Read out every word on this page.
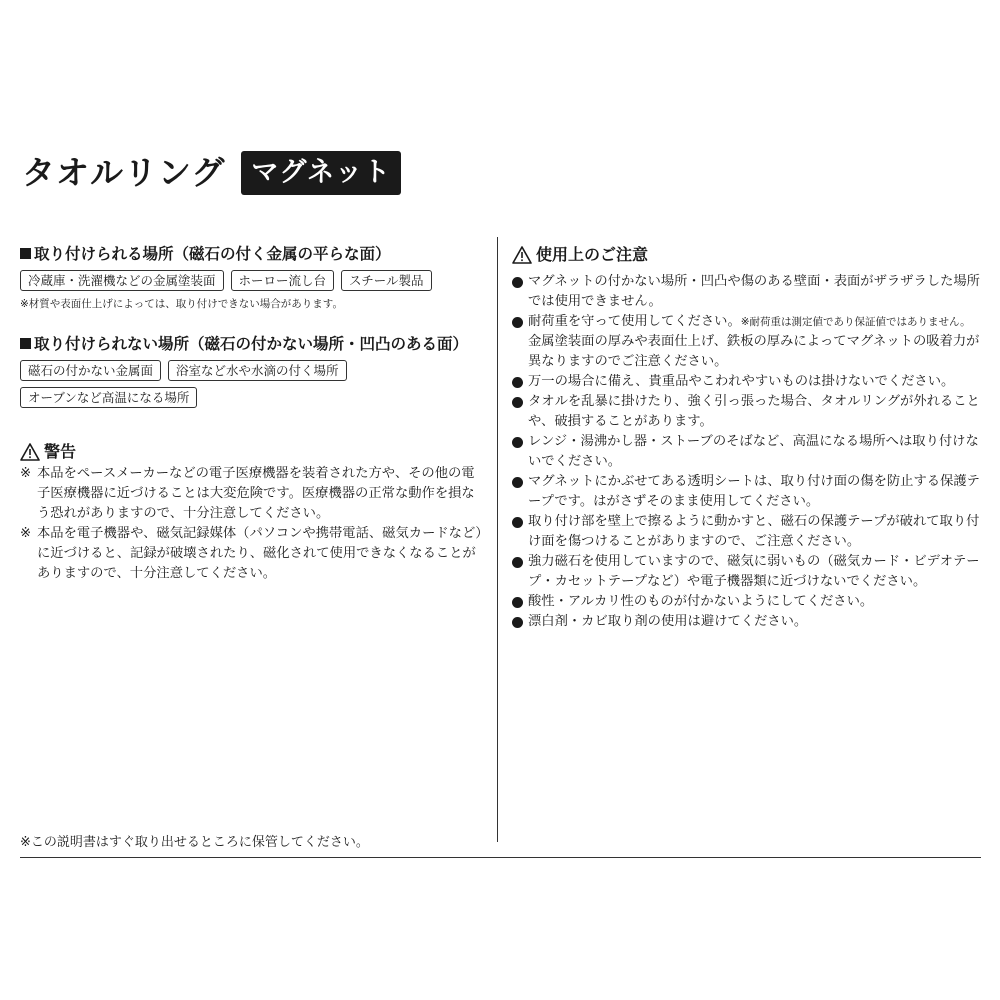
タオルリング マグネット

取り付けられる場所（磁石の付く金属の平らな面）

冷蔵庫・洗濯機などの金属塗装面	ホーロー流し台	スチール製品
※材質や表面仕上げによっては、取り付けできない場合があります。

取り付けられない場所（磁石の付かない場所・凹凸のある面）

磁石の付かない金属面	浴室など水や水滴の付く場所
オーブンなど高温になる場所
警告
※ 本品をペースメーカーなどの電子医療機器を装着された方や、その他の電子医療機器に近づけることは大変危険です。医療機器の正常な動作を損なう恐れがありますので、十分注意してください。
※ 本品を電子機器や、磁気記録媒体（パソコンや携帯電話、磁気カードなど）に近づけると、記録が破壊されたり、磁化されて使用できなくなることがありますので、十分注意してください。
使用上のご注意
マグネットの付かない場所・凹凸や傷のある壁面・表面がザラザラした場所では使用できません。
耐荷重を守って使用してください。※耐荷重は測定値であり保証値ではありません。
金属塗装面の厚みや表面仕上げ、鉄板の厚みによってマグネットの吸着力が異なりますのでご注意ください。
万一の場合に備え、貴重品やこわれやすいものは掛けないでください。
タオルを乱暴に掛けたり、強く引っ張った場合、タオルリングが外れることや、破損することがあります。
レンジ・湯沸かし器・ストーブのそばなど、高温になる場所へは取り付けないでください。
マグネットにかぶせてある透明シートは、取り付け面の傷を防止する保護テープです。はがさずそのまま使用してください。
取り付け部を壁上で擦るように動かすと、磁石の保護テープが破れて取り付け面を傷つけることがありますので、ご注意ください。
強力磁石を使用していますので、磁気に弱いもの（磁気カード・ビデオテープ・カセットテープなど）や電子機器類に近づけないでください。
酸性・アルカリ性のものが付かないようにしてください。
漂白剤・カビ取り剤の使用は避けてください。
※この説明書はすぐ取り出せるところに保管してください。
